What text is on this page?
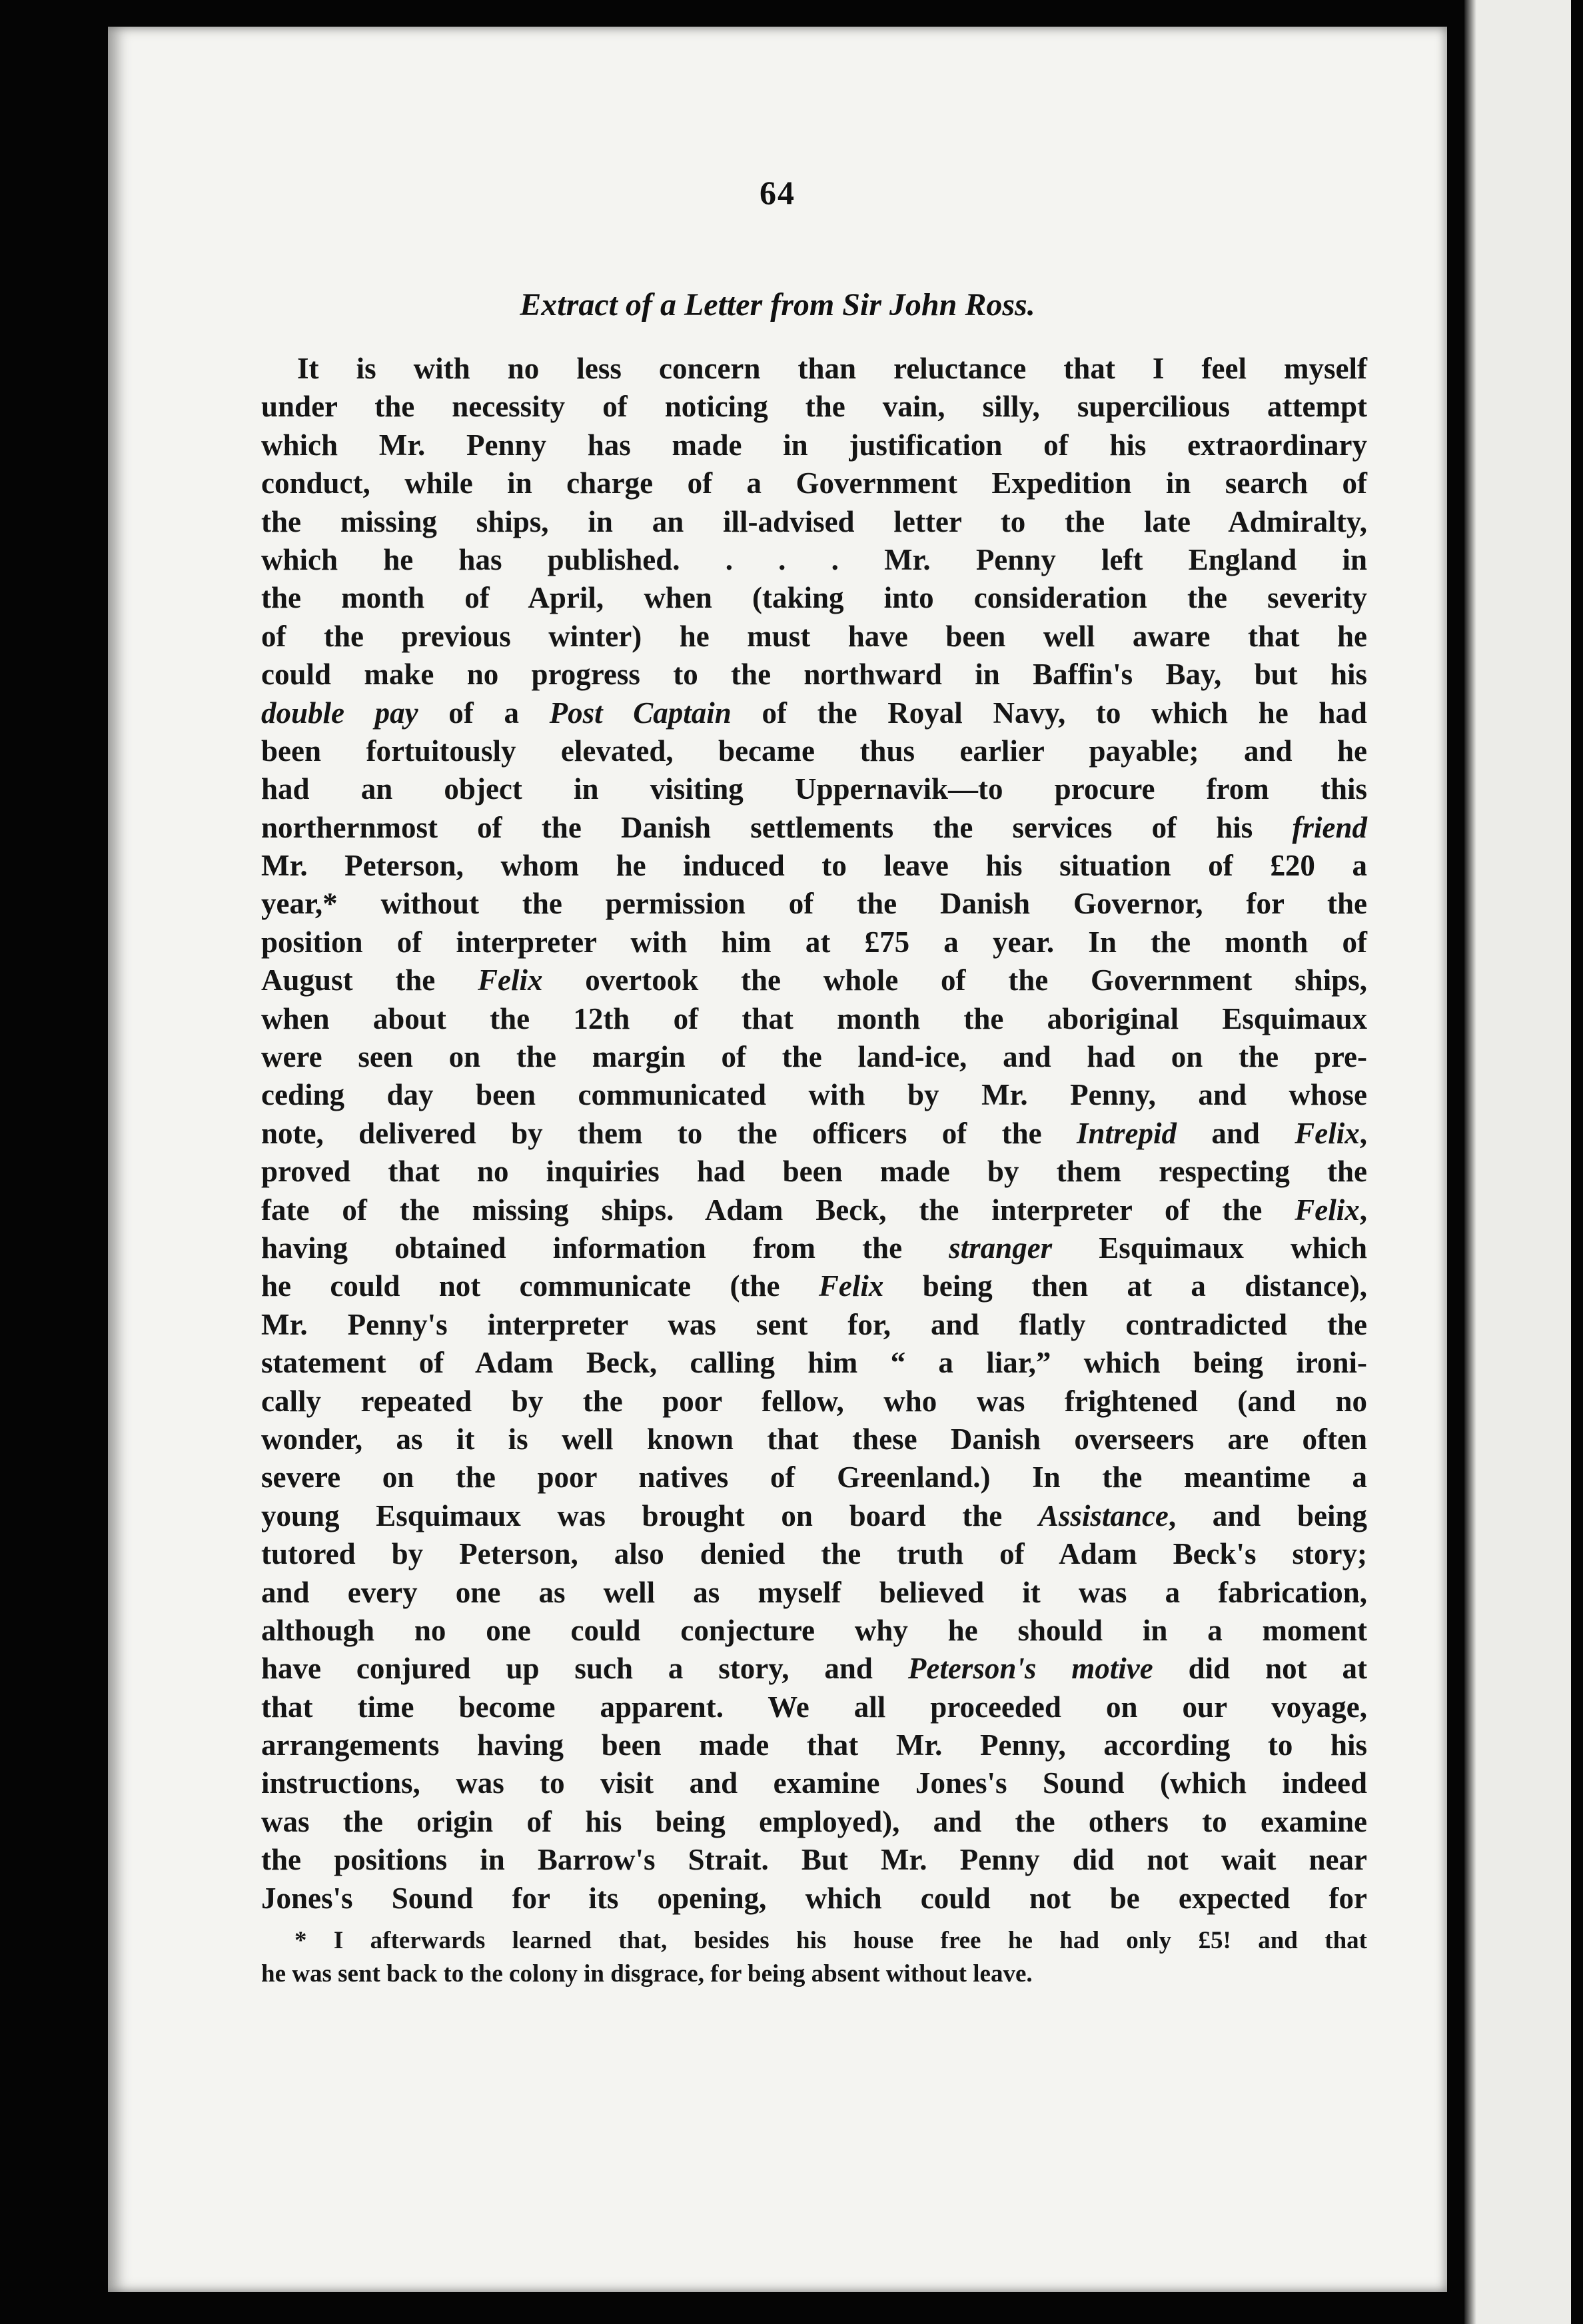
64
Extract of a Letter from Sir John Ross.
It is with no less concern than reluctance that I feel myself
under the necessity of noticing the vain, silly, supercilious attempt
which Mr. Penny has made in justification of his extraordinary
conduct, while in charge of a Government Expedition in search of
the missing ships, in an ill-advised letter to the late Admiralty,
which he has published. . . . Mr. Penny left England in
the month of April, when (taking into consideration the severity
of the previous winter) he must have been well aware that he
could make no progress to the northward in Baffin's Bay, but his
double pay of a Post Captain of the Royal Navy, to which he had
been fortuitously elevated, became thus earlier payable; and he
had an object in visiting Uppernavik—to procure from this
northernmost of the Danish settlements the services of his friend
Mr. Peterson, whom he induced to leave his situation of £20 a
year,* without the permission of the Danish Governor, for the
position of interpreter with him at £75 a year. In the month of
August the Felix overtook the whole of the Government ships,
when about the 12th of that month the aboriginal Esquimaux
were seen on the margin of the land-ice, and had on the pre-
ceding day been communicated with by Mr. Penny, and whose
note, delivered by them to the officers of the Intrepid and Felix,
proved that no inquiries had been made by them respecting the
fate of the missing ships. Adam Beck, the interpreter of the Felix,
having obtained information from the stranger Esquimaux which
he could not communicate (the Felix being then at a distance),
Mr. Penny's interpreter was sent for, and flatly contradicted the
statement of Adam Beck, calling him “ a liar,” which being ironi-
cally repeated by the poor fellow, who was frightened (and no
wonder, as it is well known that these Danish overseers are often
severe on the poor natives of Greenland.) In the meantime a
young Esquimaux was brought on board the Assistance, and being
tutored by Peterson, also denied the truth of Adam Beck's story;
and every one as well as myself believed it was a fabrication,
although no one could conjecture why he should in a moment
have conjured up such a story, and Peterson's motive did not at
that time become apparent. We all proceeded on our voyage,
arrangements having been made that Mr. Penny, according to his
instructions, was to visit and examine Jones's Sound (which indeed
was the origin of his being employed), and the others to examine
the positions in Barrow's Strait. But Mr. Penny did not wait near
Jones's Sound for its opening, which could not be expected for
* I afterwards learned that, besides his house free he had only £5! and that
he was sent back to the colony in disgrace, for being absent without leave.
